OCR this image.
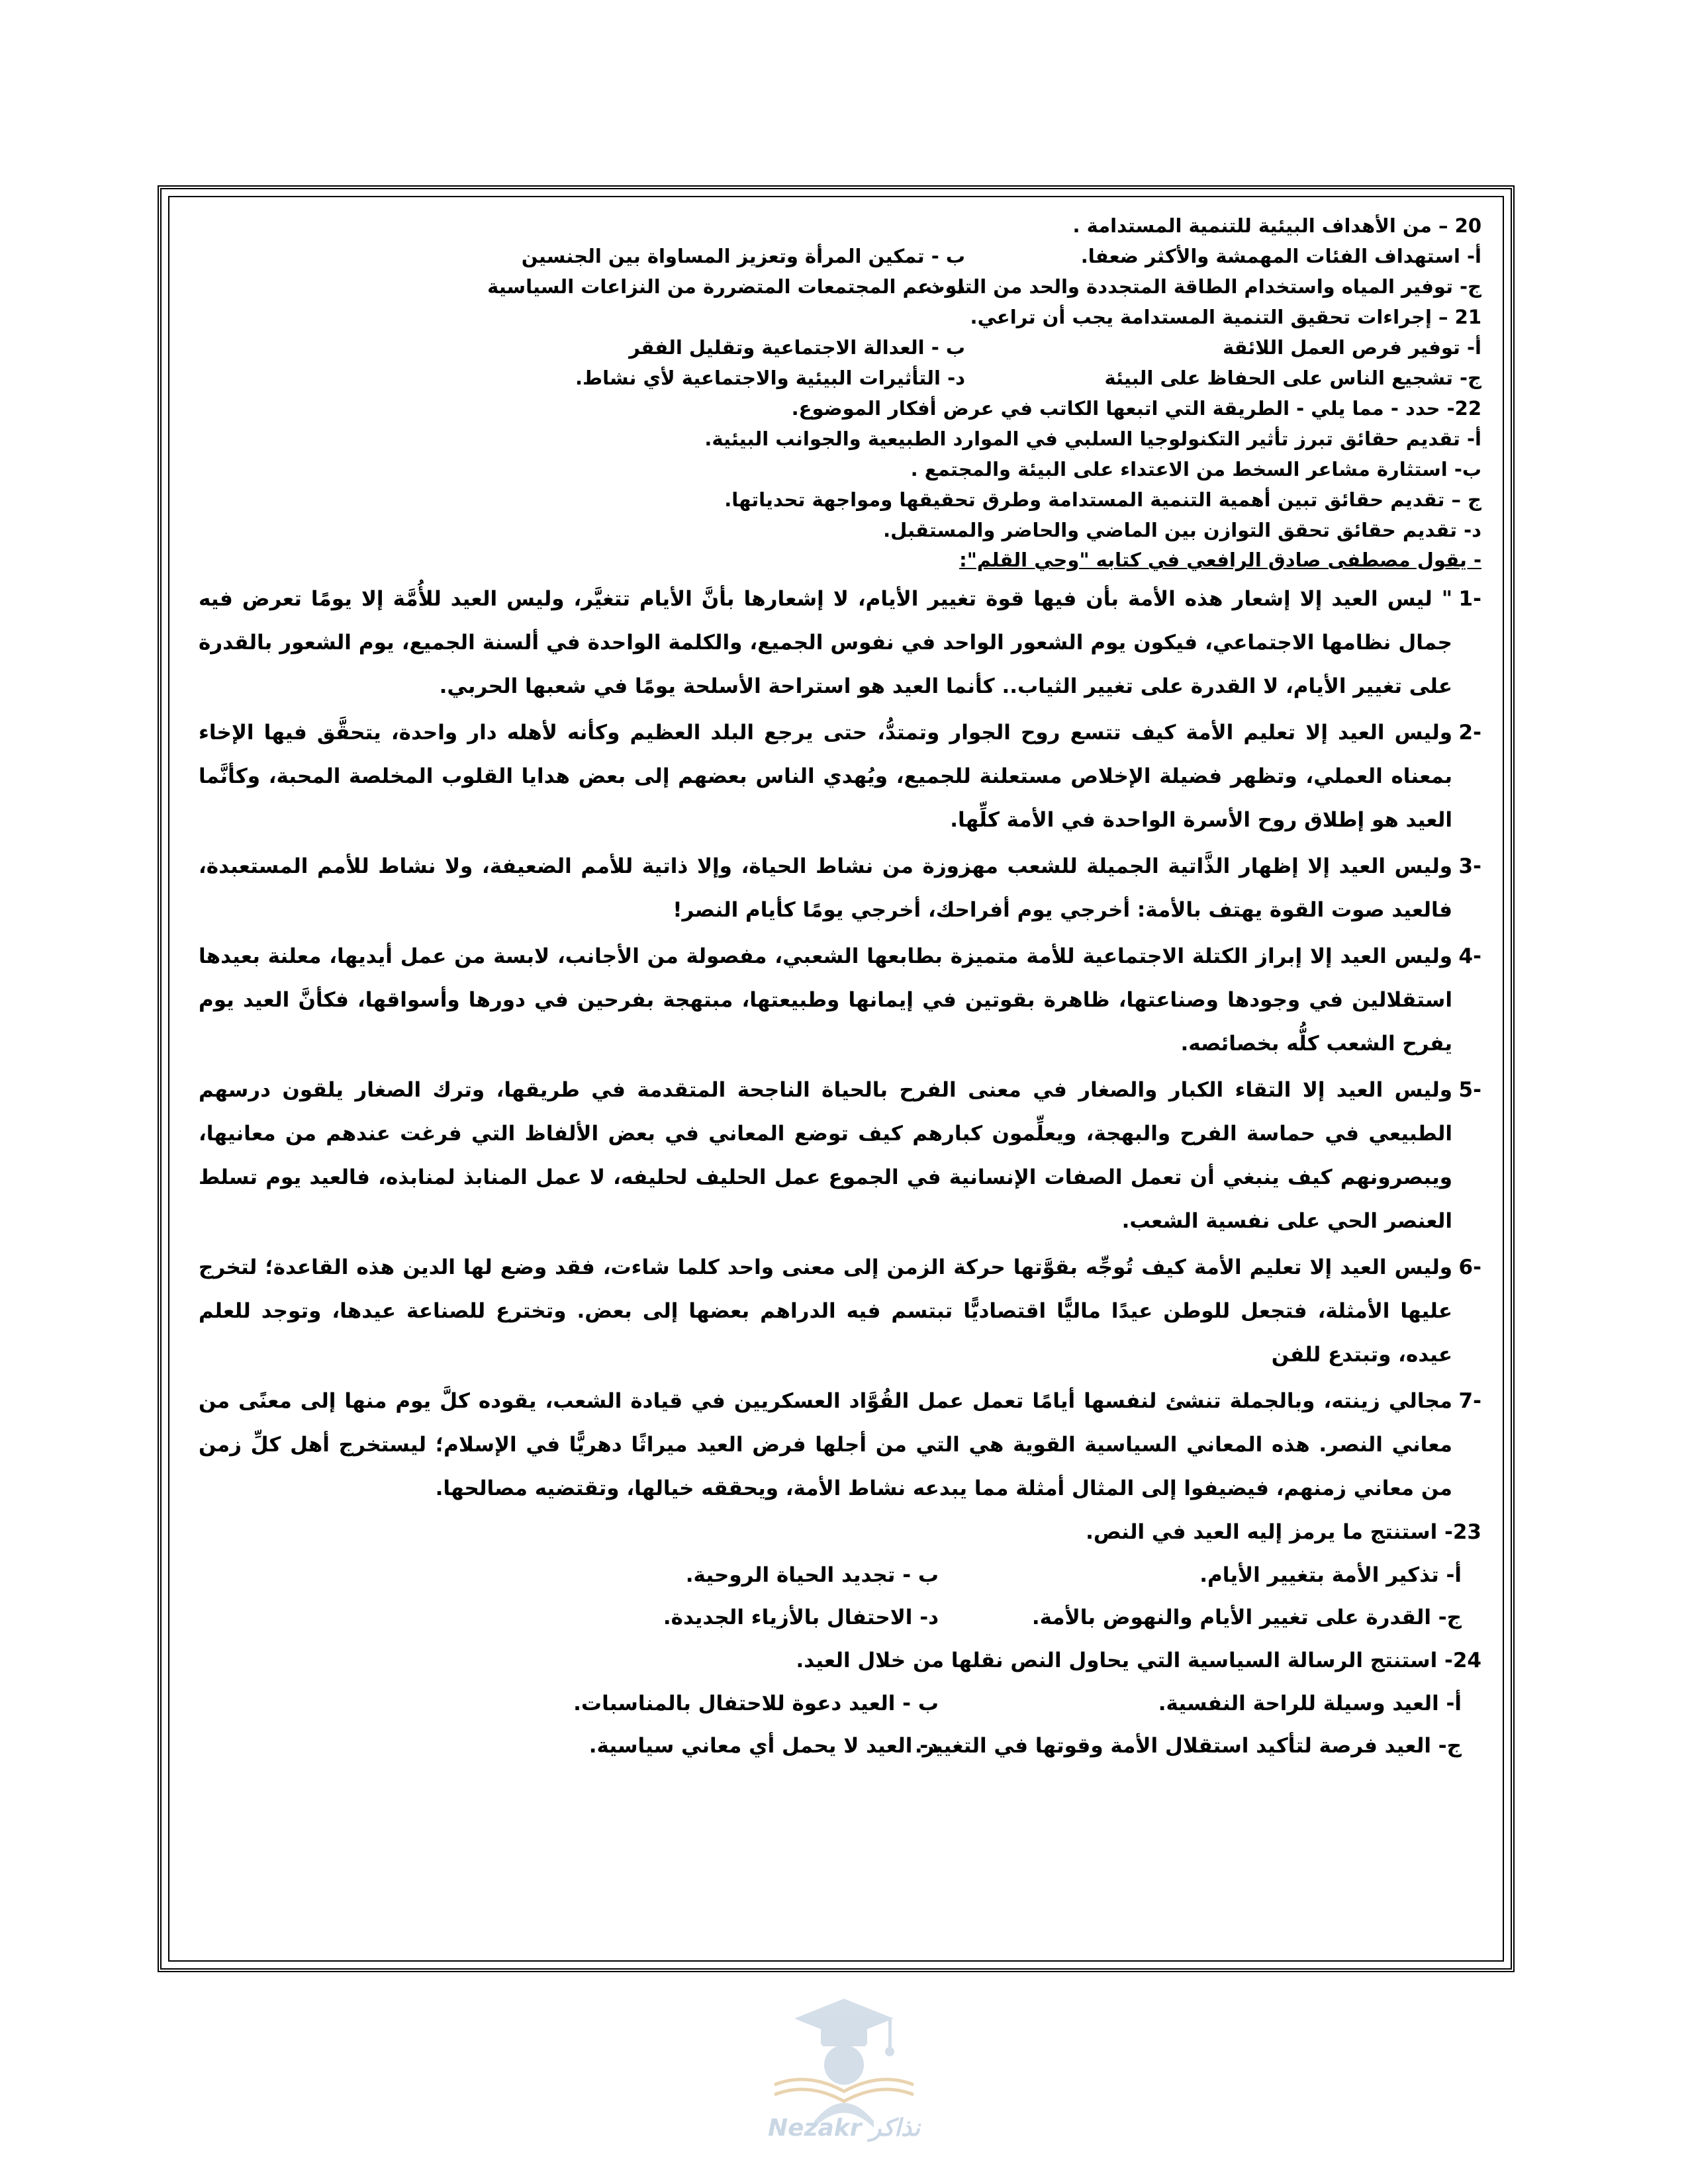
20 – من الأهداف البيئية للتنمية المستدامة .
أ- استهداف الفئات المهمشة والأكثر ضعفا.
ب - تمكين المرأة وتعزيز المساواة بين الجنسين
ج- توفير المياه واستخدام الطاقة المتجددة والحد من التلوث.
د- دعم المجتمعات المتضررة من النزاعات السياسية
21 – إجراءات تحقيق التنمية المستدامة يجب أن تراعي.
أ- توفير فرص العمل اللائقة
ب - العدالة الاجتماعية وتقليل الفقر
ج- تشجيع الناس على الحفاظ على البيئة
د- التأثيرات البيئية والاجتماعية لأي نشاط.
22- حدد - مما يلي - الطريقة التي اتبعها الكاتب في عرض أفكار الموضوع.
أ- تقديم حقائق تبرز تأثير التكنولوجيا السلبي في الموارد الطبيعية والجوانب البيئية.
ب- استثارة مشاعر السخط من الاعتداء على البيئة والمجتمع .
ج – تقديم حقائق تبين أهمية التنمية المستدامة وطرق تحقيقها ومواجهة تحدياتها.
د- تقديم حقائق تحقق التوازن بين الماضي والحاضر والمستقبل.
- يقول مصطفى صادق الرافعي في كتابه "وحي القلم":
-1
" ليس العيد إلا إشعار هذه الأمة بأن فيها قوة تغيير الأيام، لا إشعارها بأنَّ الأيام تتغيَّر، وليس العيد للأُمَّة إلا يومًا تعرض فيه جمال نظامها الاجتماعي، فيكون يوم الشعور الواحد في نفوس الجميع، والكلمة الواحدة في ألسنة الجميع، يوم الشعور بالقدرة على تغيير الأيام، لا القدرة على تغيير الثياب.. كأنما العيد هو استراحة الأسلحة يومًا في شعبها الحربي.
-2
وليس العيد إلا تعليم الأمة كيف تتسع روح الجوار وتمتدُّ، حتى يرجع البلد العظيم وكأنه لأهله دار واحدة، يتحقَّق فيها الإخاء بمعناه العملي، وتظهر فضيلة الإخلاص مستعلنة للجميع، ويُهدي الناس بعضهم إلى بعض هدايا القلوب المخلصة المحبة، وكأنَّما العيد هو إطلاق روح الأسرة الواحدة في الأمة كلِّها.
-3
وليس العيد إلا إظهار الذَّاتية الجميلة للشعب مهزوزة من نشاط الحياة، وإلا ذاتية للأمم الضعيفة، ولا نشاط للأمم المستعبدة، فالعيد صوت القوة يهتف بالأمة: أخرجي يوم أفراحك، أخرجي يومًا كأيام النصر!
-4
وليس العيد إلا إبراز الكتلة الاجتماعية للأمة متميزة بطابعها الشعبي، مفصولة من الأجانب، لابسة من عمل أيديها، معلنة بعيدها استقلالين في وجودها وصناعتها، ظاهرة بقوتين في إيمانها وطبيعتها، مبتهجة بفرحين في دورها وأسواقها، فكأنَّ العيد يوم يفرح الشعب كلُّه بخصائصه.
-5
وليس العيد إلا التقاء الكبار والصغار في معنى الفرح بالحياة الناجحة المتقدمة في طريقها، وترك الصغار يلقون درسهم الطبيعي في حماسة الفرح والبهجة، ويعلِّمون كبارهم كيف توضع المعاني في بعض الألفاظ التي فرغت عندهم من معانيها، ويبصرونهم كيف ينبغي أن تعمل الصفات الإنسانية في الجموع عمل الحليف لحليفه، لا عمل المنابذ لمنابذه، فالعيد يوم تسلط العنصر الحي على نفسية الشعب.
-6
وليس العيد إلا تعليم الأمة كيف تُوجِّه بقوَّتها حركة الزمن إلى معنى واحد كلما شاءت، فقد وضع لها الدين هذه القاعدة؛ لتخرج عليها الأمثلة، فتجعل للوطن عيدًا ماليًّا اقتصاديًّا تبتسم فيه الدراهم بعضها إلى بعض. وتخترع للصناعة عيدها، وتوجد للعلم عيده، وتبتدع للفن
-7
مجالي زينته، وبالجملة تنشئ لنفسها أيامًا تعمل عمل القُوَّاد العسكريين في قيادة الشعب، يقوده كلَّ يوم منها إلى معنًى من معاني النصر. هذه المعاني السياسية القوية هي التي من أجلها فرض العيد ميراثًا دهريًّا في الإسلام؛ ليستخرج أهل كلِّ زمن من معاني زمنهم، فيضيفوا إلى المثال أمثلة مما يبدعه نشاط الأمة، ويحققه خيالها، وتقتضيه مصالحها.
23- استنتج ما يرمز إليه العيد في النص.
أ- تذكير الأمة بتغيير الأيام.
ب - تجديد الحياة الروحية.
ج- القدرة على تغيير الأيام والنهوض بالأمة.
د- الاحتفال بالأزياء الجديدة.
24- استنتج الرسالة السياسية التي يحاول النص نقلها من خلال العيد.
أ- العيد وسيلة للراحة النفسية.
ب - العيد دعوة للاحتفال بالمناسبات.
ج- العيد فرصة لتأكيد استقلال الأمة وقوتها في التغيير.
د- العيد لا يحمل أي معاني سياسية.
Nezakr نذاكر
